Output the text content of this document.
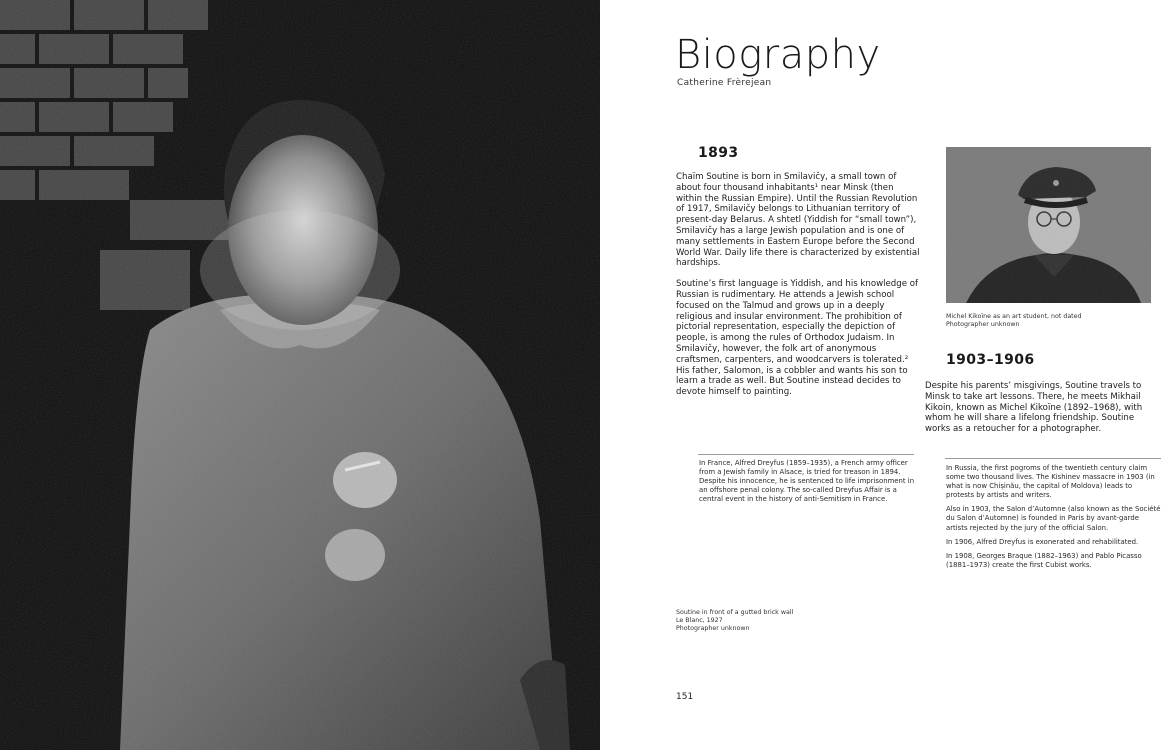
Biography
Catherine Frèrejean
1893

Chaïm Soutine is born in Smilavičy, a small town of about four thousand inhabitants¹ near Minsk (then within the Russian Empire). Until the Russian Revolution of 1917, Smilavičy belongs to Lithuanian territory of present-day Belarus. A shtetl (Yiddish for “small town”), Smilavičy has a large Jewish population and is one of many settlements in Eastern Europe before the Second World War. Daily life there is characterized by existential hardships.

Soutine’s first language is Yiddish, and his knowledge of Russian is rudimentary. He attends a Jewish school focused on the Talmud and grows up in a deeply religious and insular environment. The prohibition of pictorial representation, especially the depiction of people, is among the rules of Orthodox Judaism. In Smilavičy, however, the folk art of anonymous craftsmen, carpenters, and woodcarvers is tolerated.² His father, Salomon, is a cobbler and wants his son to learn a trade as well. But Soutine instead decides to devote himself to painting.

In France, Alfred Dreyfus (1859–1935), a French army officer from a Jewish family in Alsace, is tried for treason in 1894. Despite his innocence, he is sentenced to life imprisonment in an offshore penal colony. The so-called Dreyfus Affair is a central event in the history of anti-Semitism in France.

Michel Kikoïne as an art student, not dated
Photographer unknown
1903–1906

Despite his parents’ misgivings, Soutine travels to Minsk to take art lessons. There, he meets Mikhail Kikoin, known as Michel Kikoïne (1892–1968), with whom he will share a lifelong friendship. Soutine works as a retoucher for a photographer.

In Russia, the first pogroms of the twentieth century claim some two thousand lives. The Kishinev massacre in 1903 (in what is now Chișinău, the capital of Moldova) leads to protests by artists and writers.

Also in 1903, the Salon d’Automne (also known as the Société du Salon d’Automne) is founded in Paris by avant-garde artists rejected by the jury of the official Salon.

In 1906, Alfred Dreyfus is exonerated and rehabilitated.

In 1908, Georges Braque (1882–1963) and Pablo Picasso (1881–1973) create the first Cubist works.

Soutine in front of a gutted brick wall
Le Blanc, 1927
Photographer unknown
151
